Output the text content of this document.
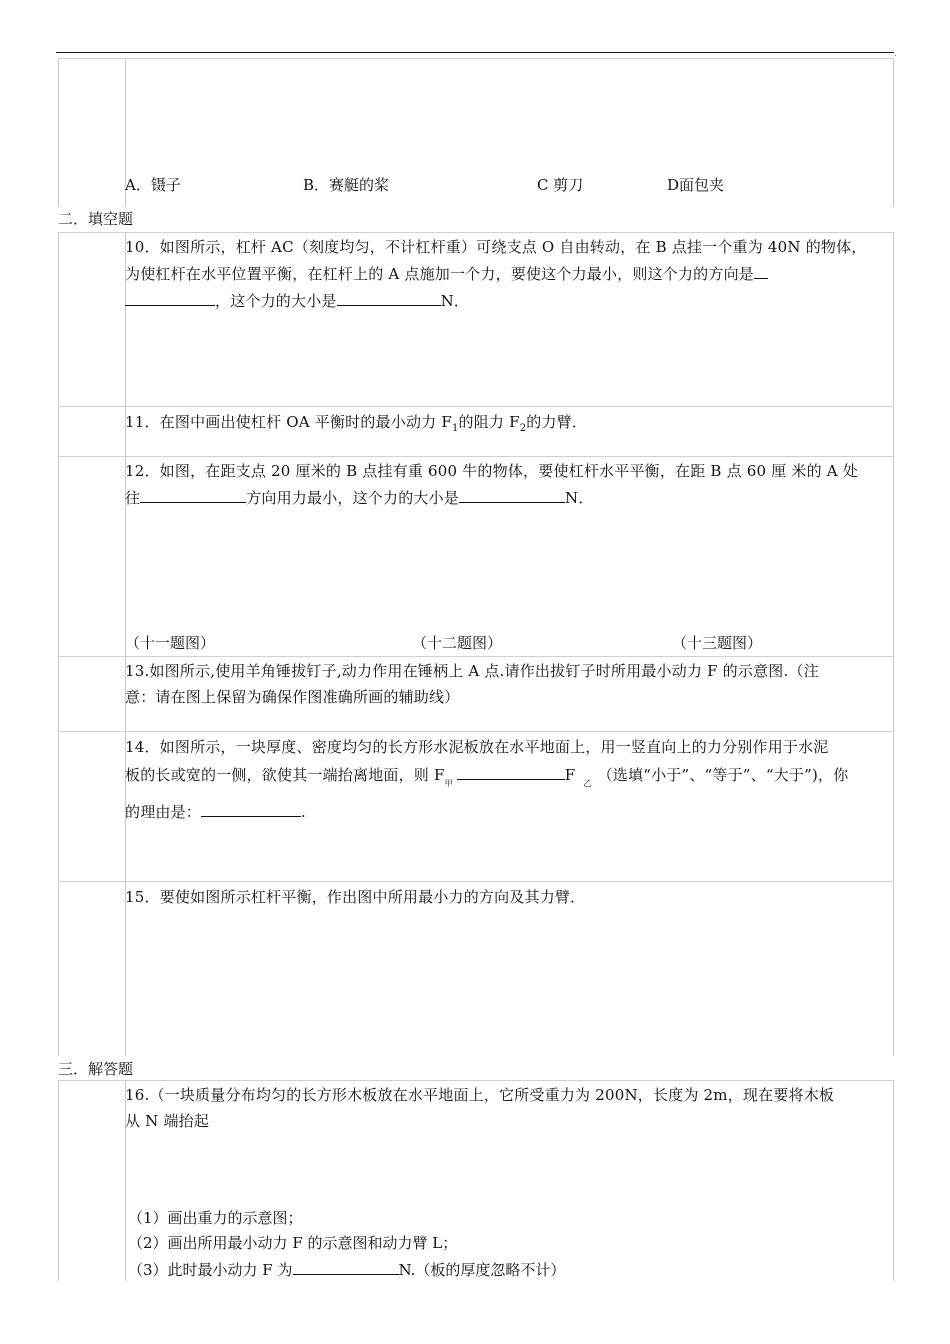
.
A．镊子	B．赛艇的桨	C 剪刀	D面包夹
二．填空题
10．如图所示，杠杆 AC（刻度均匀，不计杠杆重）可绕支点 O 自由转动，在 B 点挂一个重为 40N 的物体，
为使杠杆在水平位置平衡，在杠杆上的 A 点施加一个力，要使这个力最小，则这个力的方向是
，这个力的大小是	N．
11．在图中画出使杠杆 OA 平衡时的最小动力 $F_1$的阻力 $F_2$的力臂．
12．如图，在距支点 20 厘米的 B 点挂有重 600 牛的物体，要使杠杆水平平衡，在距 B 点 60 厘 米的 A 处
往	方向用力最小，这个力的大小是	N．
（十一题图）	（十二题图）	（十三题图）
13.如图所示,使用羊角锤拔钉子,动力作用在锤柄上 A 点.请作出拔钉子时所用最小动力 F 的示意图.（注
意：请在图上保留为确保作图准确所画的辅助线）
14．如图所示，一块厚度、密度均匀的长方形水泥板放在水平地面上，用一竖直向上的力分别作用于水泥
板的长或宽的一侧，欲使其一端抬离地面，则 $F_甲$	F $_乙$ （选填“小于”、“等于”、“大于”)，你
的理由是：	.
15．要使如图所示杠杆平衡，作出图中所用最小力的方向及其力臂．
三．解答题
16.（一块质量分布均匀的长方形木板放在水平地面上，它所受重力为 200N，长度为 2m，现在要将木板
从 N 端抬起
（1）画出重力的示意图；
（2）画出所用最小动力 F 的示意图和动力臂 L；
（3）此时最小动力 F 为	N.（板的厚度忽略不计）
